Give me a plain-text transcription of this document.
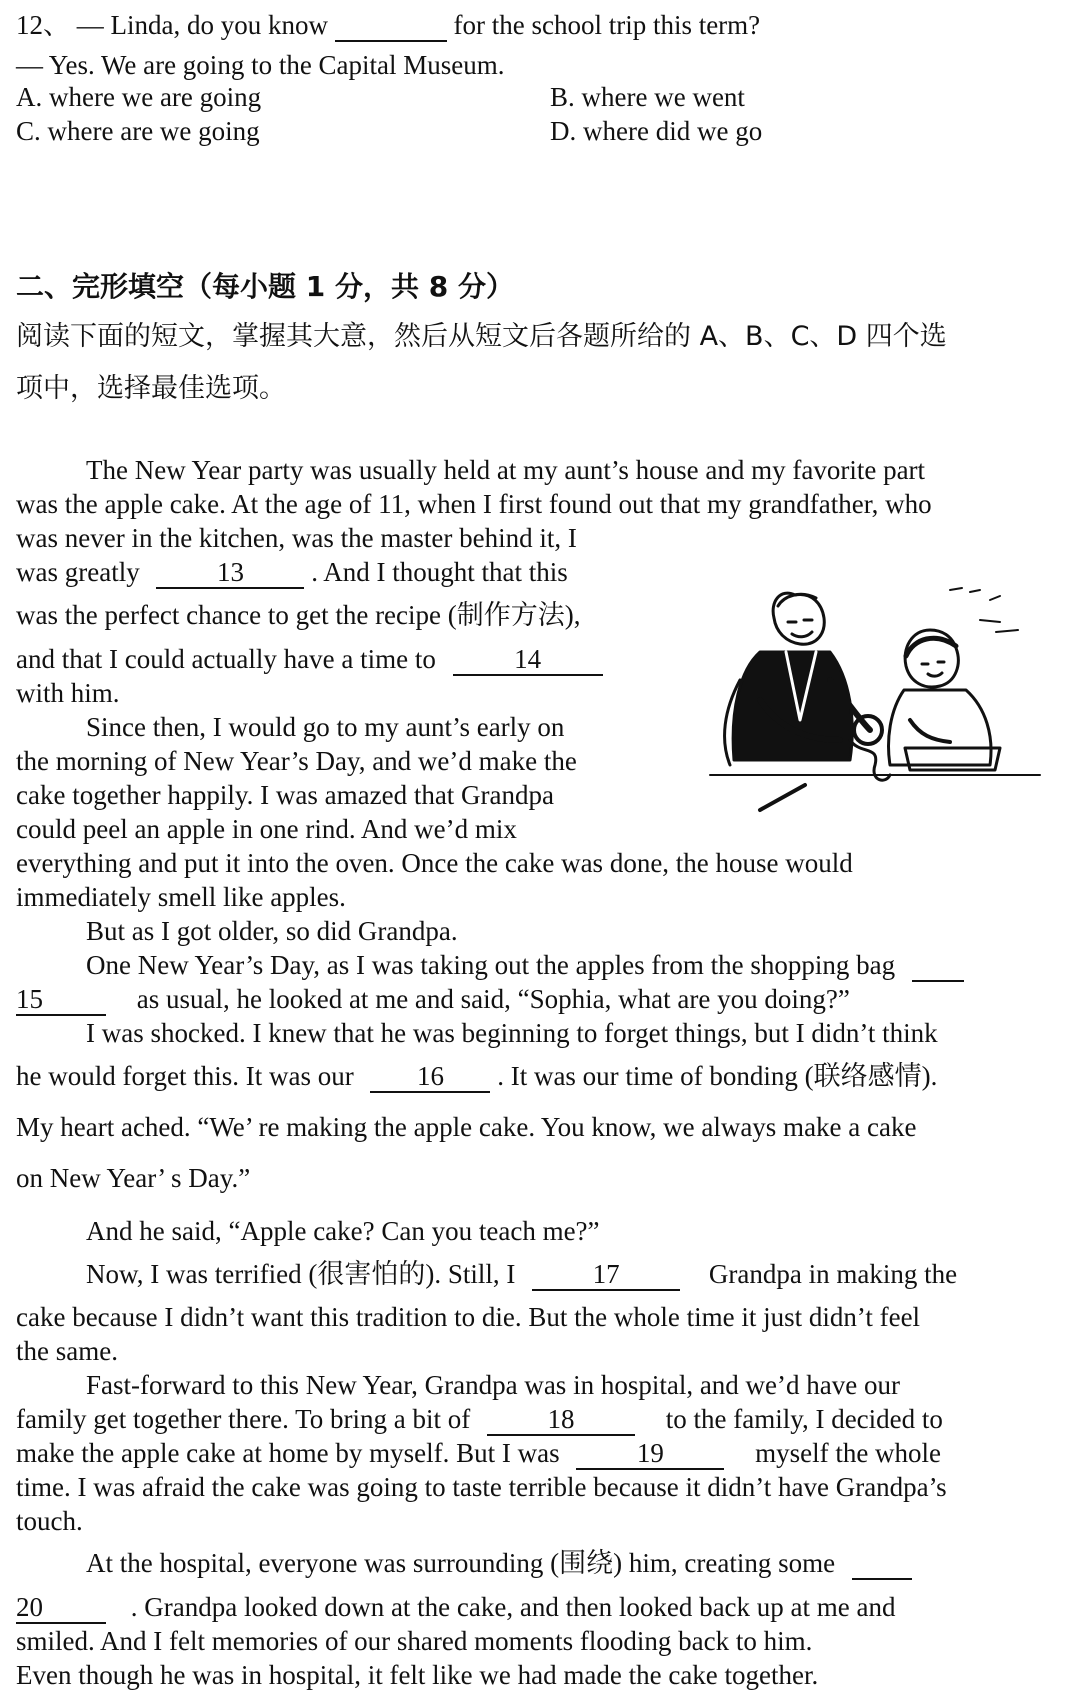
12、 — Linda, do you know	for the school trip this term?
— Yes. We are going to the Capital Museum.
A. where we are going	B. where we went
C. where are we going	D. where did we go
二、完形填空（每小题 1 分，共 8 分）
阅读下面的短文，掌握其大意，然后从短文后各题所给的 A、B、C、D 四个选
项中，选择最佳选项。
The New Year party was usually held at my aunt’s house and my favorite part
was the apple cake. At the age of 11, when I first found out that my grandfather, who
was never in the kitchen, was the master behind it, I
was greatly	13 . And I thought that this
was the perfect chance to get the recipe (制作方法),
and that I could actually have a time to	14
with him.
Since then, I would go to my aunt’s early on
the morning of New Year’s Day, and we’d make the
cake together happily. I was amazed that Grandpa
could peel an apple in one rind. And we’d mix
everything and put it into the oven. Once the cake was done, the house would
immediately smell like apples.
But as I got older, so did Grandpa.
One New Year’s Day, as I was taking out the apples from the shopping bag
15	as usual, he looked at me and said, “Sophia, what are you doing?”
I was shocked. I knew that he was beginning to forget things, but I didn’t think
he would forget this. It was our 16 . It was our time of bonding (联络感情).
My heart ached. “We’ re making the apple cake. You know, we always make a cake
on New Year’ s Day.”
And he said, “Apple cake? Can you teach me?”
Now, I was terrified (很害怕的). Still, I	17	Grandpa in making the
cake because I didn’t want this tradition to die. But the whole time it just didn’t feel
the same.
Fast-forward to this New Year, Grandpa was in hospital, and we’d have our
family get together there. To bring a bit of	18	to the family, I decided to
make the apple cake at home by myself. But I was	19	myself the whole
time. I was afraid the cake was going to taste terrible because it didn’t have Grandpa’s
touch.
At the hospital, everyone was surrounding (围绕) him, creating some
20	. Grandpa looked down at the cake, and then looked back up at me and
smiled. And I felt memories of our shared moments flooding back to him.
Even though he was in hospital, it felt like we had made the cake together.
